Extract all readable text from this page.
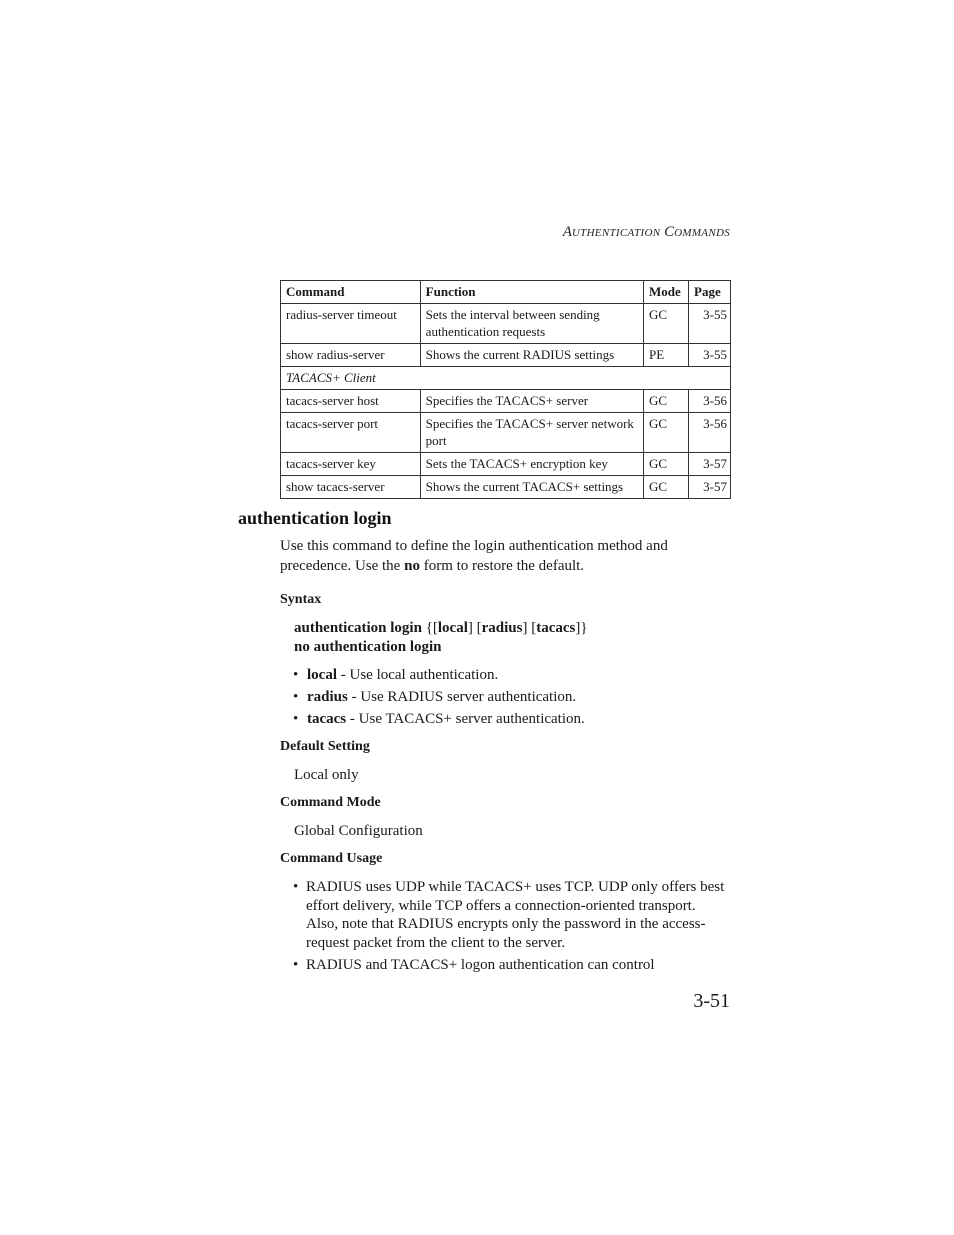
AUTHENTICATION COMMANDS
Command	Function	Mode	Page
radius-server timeout	Sets the interval between sending authentication requests	GC	3-55
show radius-server	Shows the current RADIUS settings	PE	3-55
TACACS+ Client			
tacacs-server host	Specifies the TACACS+ server	GC	3-56
tacacs-server port	Specifies the TACACS+ server network port	GC	3-56
tacacs-server key	Sets the TACACS+ encryption key	GC	3-57
show tacacs-server	Shows the current TACACS+ settings	GC	3-57
authentication login
Use this command to define the login authentication method and precedence. Use the no form to restore the default.
Syntax
authentication login {[local] [radius] [tacacs]}
no authentication login
• local - Use local authentication.
• radius - Use RADIUS server authentication.
• tacacs - Use TACACS+ server authentication.
Default Setting
Local only
Command Mode
Global Configuration
Command Usage
• RADIUS uses UDP while TACACS+ uses TCP. UDP only offers best effort delivery, while TCP offers a connection-oriented transport. Also, note that RADIUS encrypts only the password in the access-request packet from the client to the server.
• RADIUS and TACACS+ logon authentication can control
3-51
